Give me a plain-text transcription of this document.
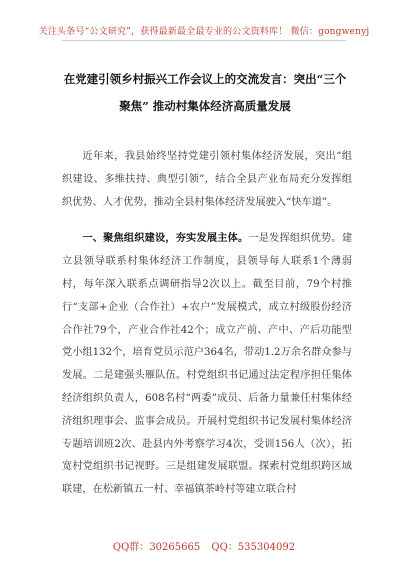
关注头条号“公文研究”，获得最新最全最专业的公文资料库！ 微信：gongwenyj
在党建引领乡村振兴工作会议上的交流发言：突出“三个
聚焦” 推动村集体经济高质量发展

近年来，我县始终坚持党建引领村集体经济发展，突出“组织建设、多维扶持、典型引领”，结合全县产业布局充分发挥组织优势、人才优势，推动全县村集体经济发展驶入“快车道”。

一、聚焦组织建设，夯实发展主体。一是发挥组织优势。建立县领导联系村集体经济工作制度，县领导每人联系1个薄弱村，每年深入联系点调研指导2次以上。截至目前，79个村推行“支部+企业（合作社）+农户”发展模式，成立村级股份经济合作社79个，产业合作社42个；成立产前、产中、产后功能型党小组132个，培育党员示范户364名，带动1.2万余名群众参与发展。二是建强头雁队伍。村党组织书记通过法定程序担任集体经济组织负责人，608名村“两委”成员、后备力量兼任村集体经济组织理事会、监事会成员。开展村党组织书记发展村集体经济专题培训班2次、赴县内外考察学习4次，受训156人（次），拓宽村党组织书记视野。三是组建发展联盟。探索村党组织跨区域联建，在松新镇五一村、幸福镇茶岭村等建立联合村

QQ群：30265665 QQ：535304092
